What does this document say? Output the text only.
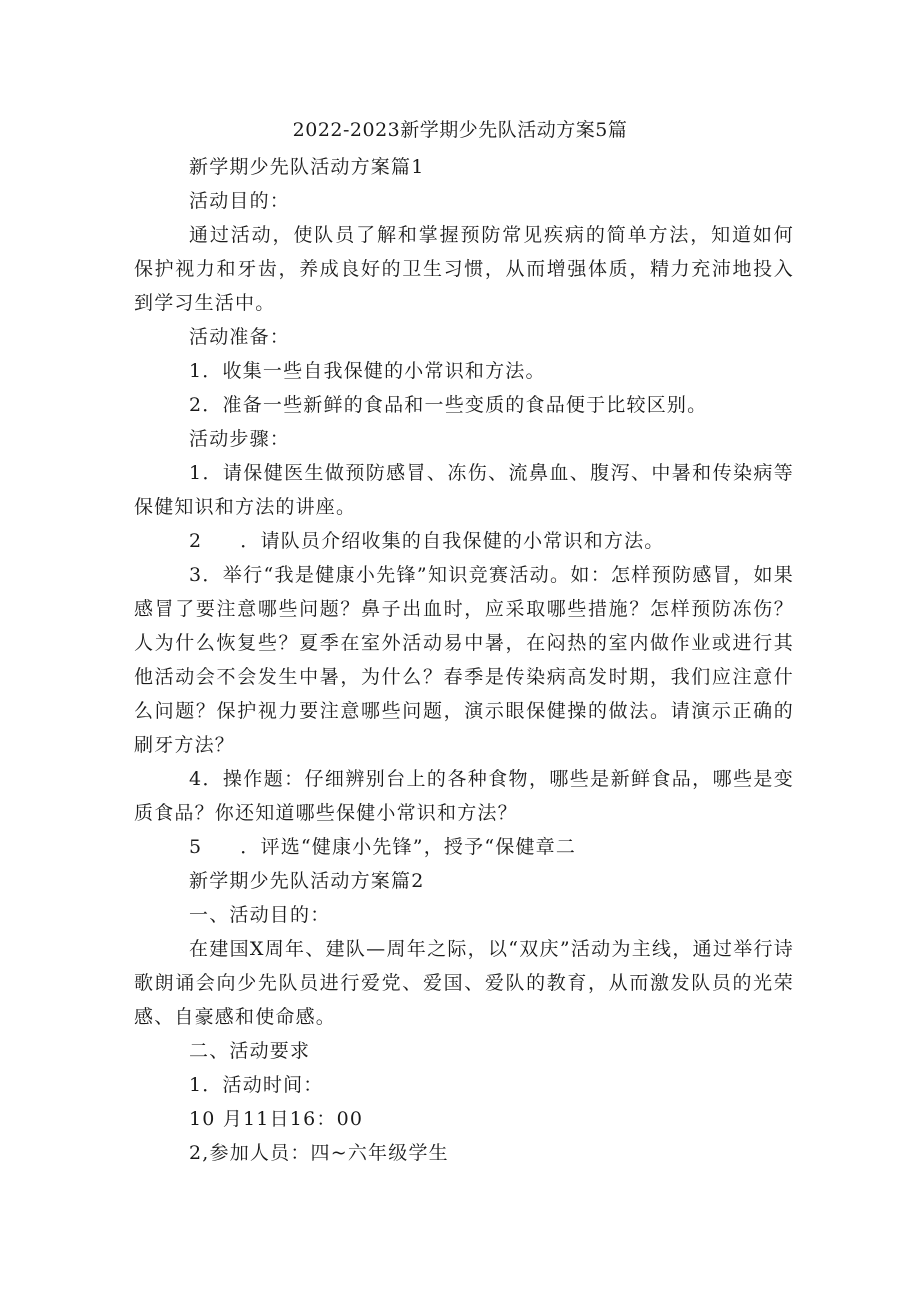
2022-2023新学期少先队活动方案5篇

新学期少先队活动方案篇1

活动目的：

通过活动，使队员了解和掌握预防常见疾病的简单方法，知道如何保护视力和牙齿，养成良好的卫生习惯，从而增强体质，精力充沛地投入到学习生活中。

活动准备：

1．收集一些自我保健的小常识和方法。

2．准备一些新鲜的食品和一些变质的食品便于比较区别。

活动步骤：

1．请保健医生做预防感冒、冻伤、流鼻血、腹泻、中暑和传染病等保健知识和方法的讲座。

2 ．请队员介绍收集的自我保健的小常识和方法。

3．举行“我是健康小先锋”知识竞赛活动。如：怎样预防感冒，如果感冒了要注意哪些问题？鼻子出血时，应采取哪些措施？怎样预防冻伤？人为什么恢复些？夏季在室外活动易中暑，在闷热的室内做作业或进行其他活动会不会发生中暑，为什么？春季是传染病高发时期，我们应注意什么问题？保护视力要注意哪些问题，演示眼保健操的做法。请演示正确的刷牙方法？

4．操作题：仔细辨别台上的各种食物，哪些是新鲜食品，哪些是变质食品？你还知道哪些保健小常识和方法？

5 ．评选“健康小先锋”，授予“保健章二

新学期少先队活动方案篇2

一、活动目的：

在建国X周年、建队—周年之际，以“双庆”活动为主线，通过举行诗歌朗诵会向少先队员进行爱党、爱国、爱队的教育，从而激发队员的光荣感、自豪感和使命感。

二、活动要求

1．活动时间：

10 月11日16：00

2,参加人员：四~六年级学生
